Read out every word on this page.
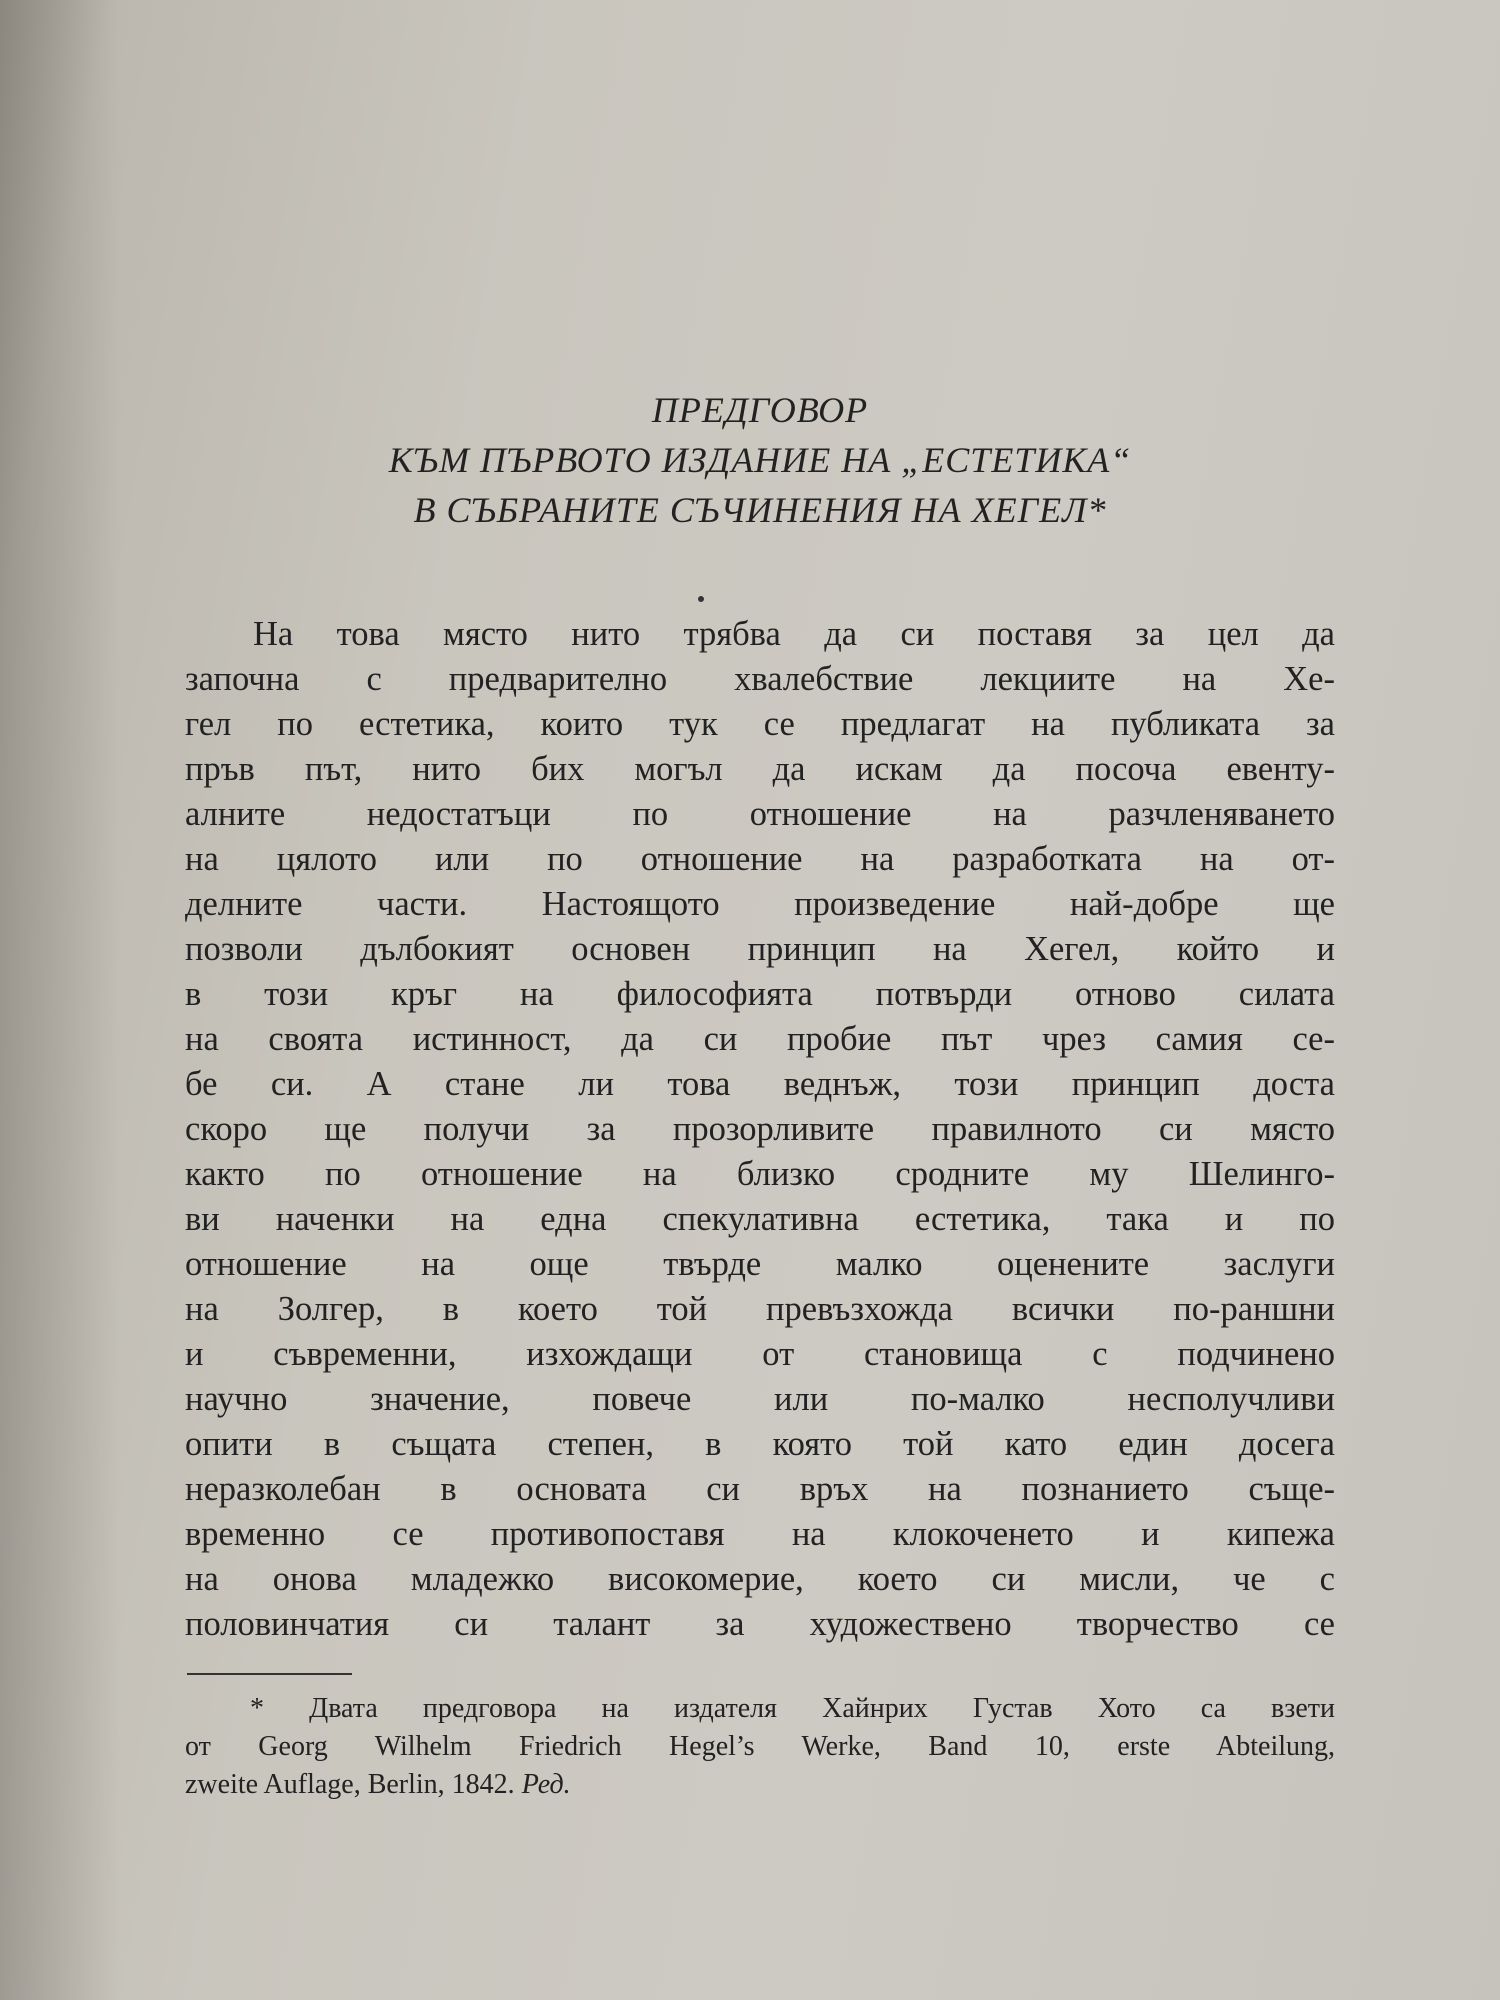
ПРЕДГОВОР
КЪМ ПЪРВОТО ИЗДАНИЕ НА „ЕСТЕТИКА“
В СЪБРАНИТЕ СЪЧИНЕНИЯ НА ХЕГЕЛ*
На това място нито трябва да си поставя за цел да
започна с предварително хвалебствие лекциите на Хе-
гел по естетика, които тук се предлагат на публиката за
пръв път, нито бих могъл да искам да посоча евенту-
алните недостатъци по отношение на разчленяването
на цялото или по отношение на разработката на от-
делните части. Настоящото произведение най-добре ще
позволи дълбокият основен принцип на Хегел, който и
в този кръг на философията потвърди отново силата
на своята истинност, да си пробие път чрез самия се-
бе си. А стане ли това веднъж, този принцип доста
скоро ще получи за прозорливите правилното си място
както по отношение на близко сродните му Шелинго-
ви наченки на една спекулативна естетика, така и по
отношение на още твърде малко оценените заслуги
на Золгер, в което той превъзхожда всички по-раншни
и съвременни, изхождащи от становища с подчинено
научно значение, повече или по-малко несполучливи
опити в същата степен, в която той като един досега
неразколебан в основата си връх на познанието съще-
временно се противопоставя на клокоченето и кипежа
на онова младежко високомерие, което си мисли, че с
половинчатия си талант за художествено творчество се
* Двата предговора на издателя Хайнрих Густав Хото са взети
от Georg Wilhelm Friedrich Hegel’s Werke, Band 10, erste Abteilung,
zweite Auflage, Berlin, 1842. Ред.
